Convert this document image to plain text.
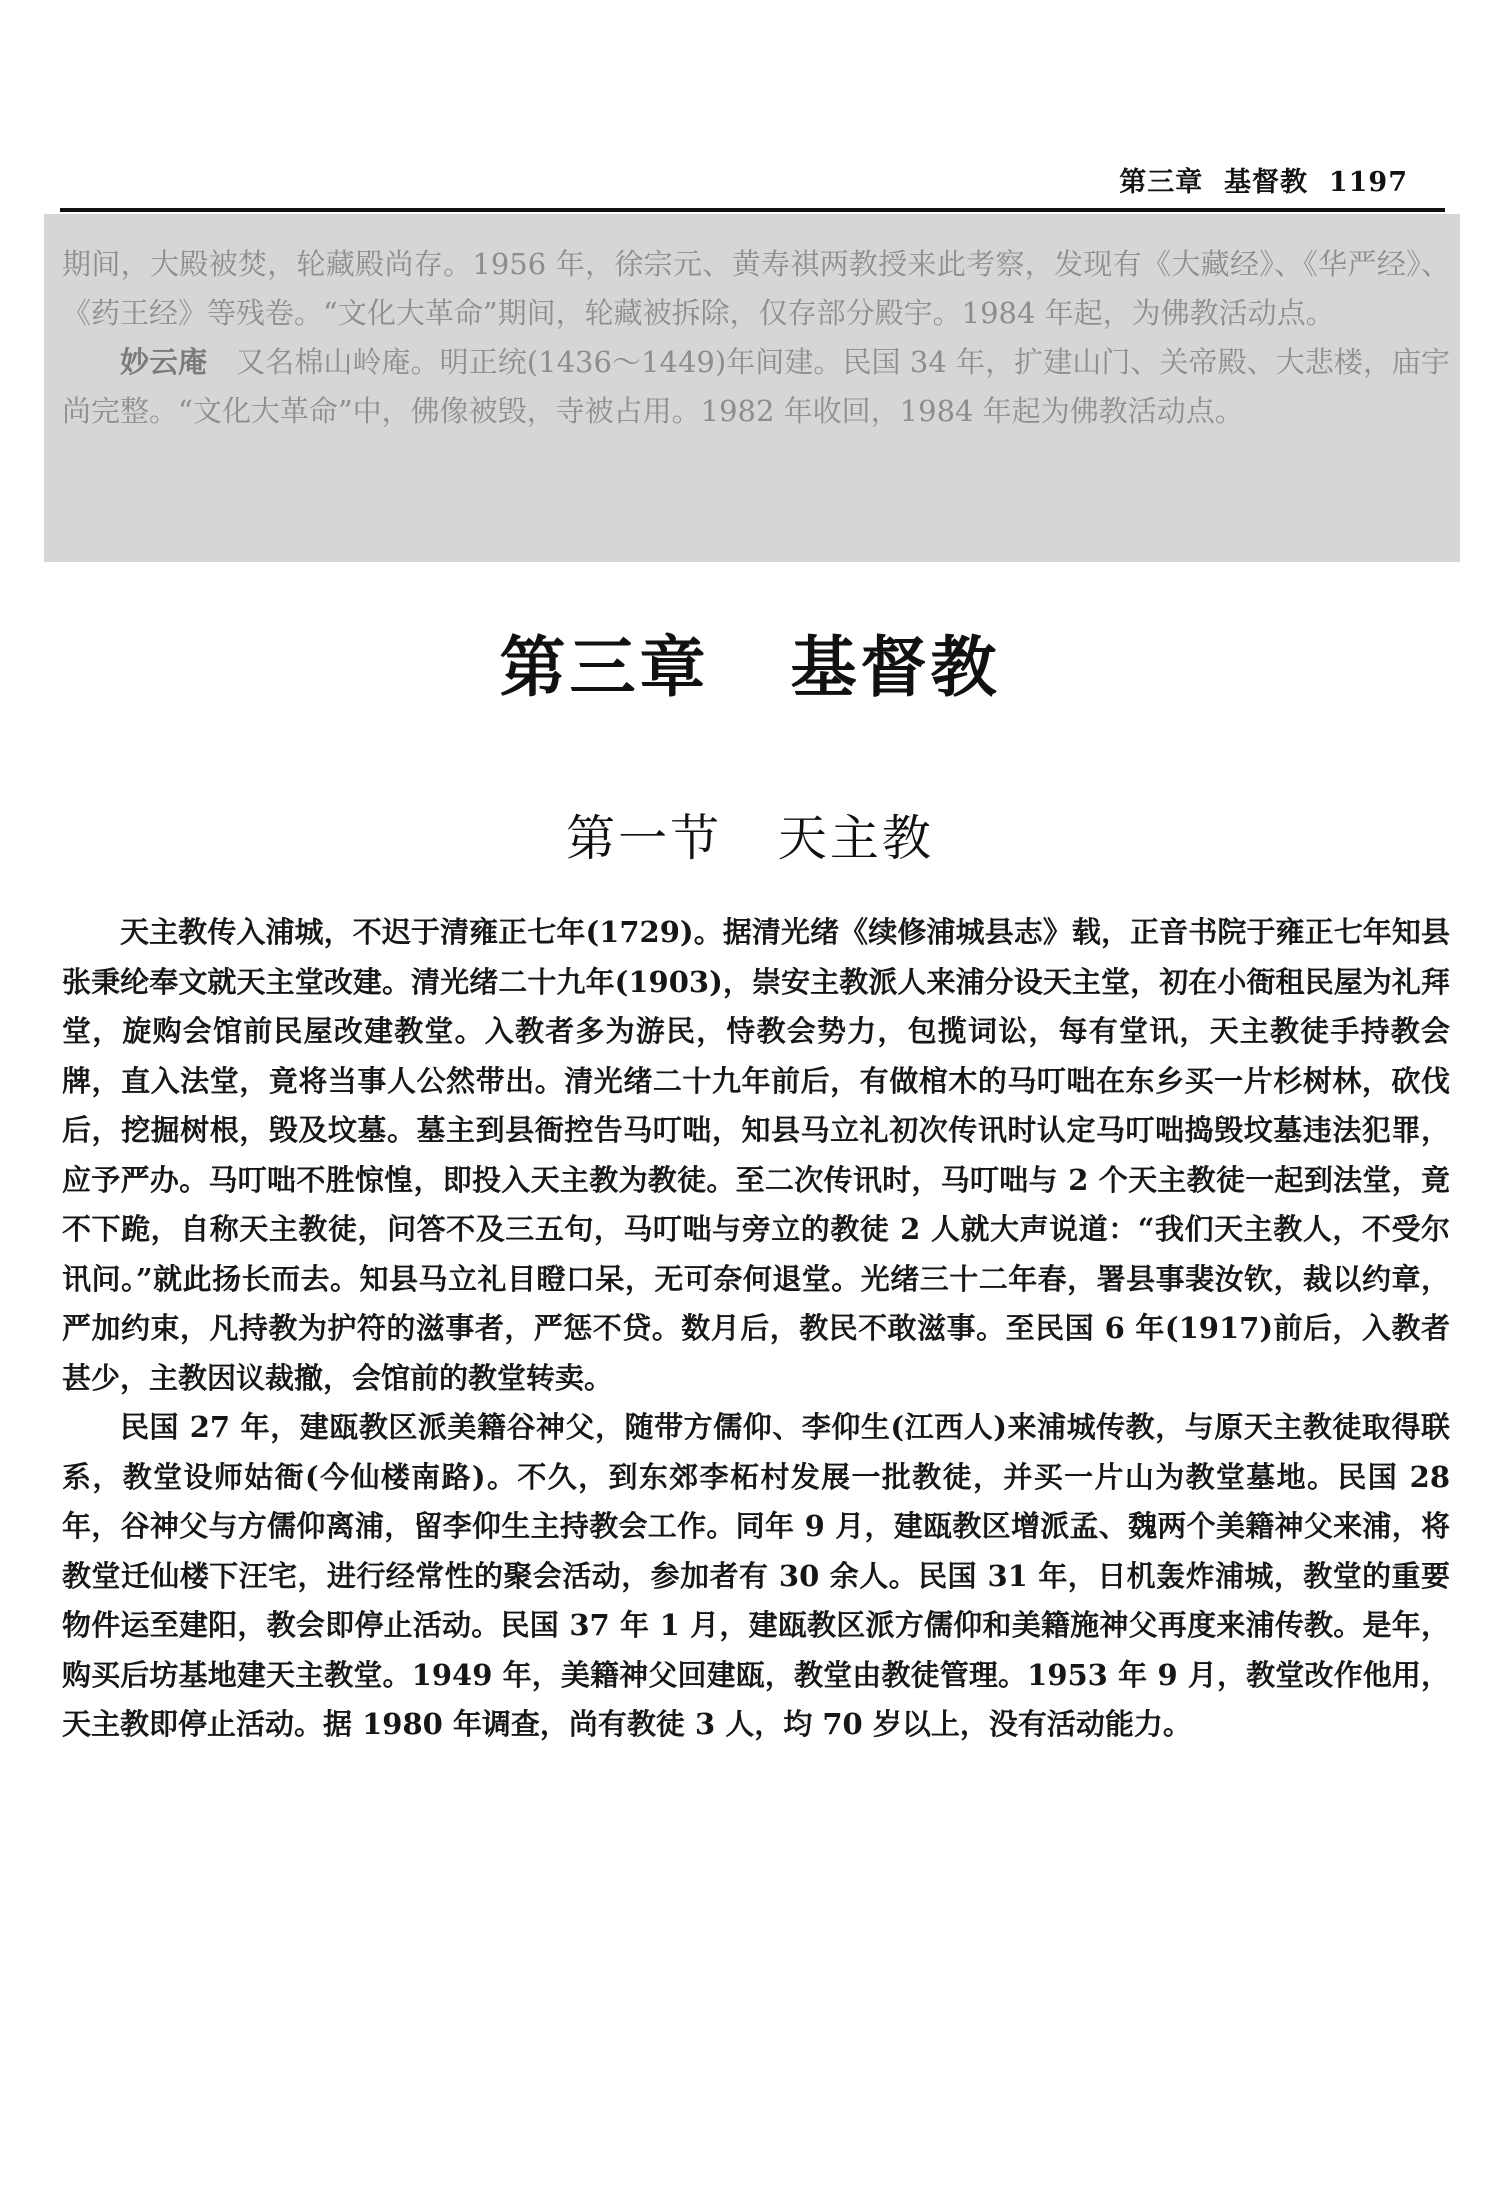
第三章 基督教 1197

期间，大殿被焚，轮藏殿尚存。1956 年，徐宗元、黄寿祺两教授来此考察，发现有《大藏经》、《华严经》、《药王经》等残卷。“文化大革命”期间，轮藏被拆除，仅存部分殿宇。1984 年起，为佛教活动点。

妙云庵　 又名棉山岭庵。明正统(1436～1449)年间建。民国 34 年，扩建山门、关帝殿、大悲楼，庙宇尚完整。“文化大革命”中，佛像被毁，寺被占用。1982 年收回，1984 年起为佛教活动点。

第三章 基督教
第一节 天主教

天主教传入浦城，不迟于清雍正七年(1729)。据清光绪《续修浦城县志》载，正音书院于雍正七年知县张秉纶奉文就天主堂改建。清光绪二十九年(1903)，崇安主教派人来浦分设天主堂，初在小衙租民屋为礼拜堂，旋购会馆前民屋改建教堂。入教者多为游民，恃教会势力，包揽词讼，每有堂讯，天主教徒手持教会牌，直入法堂，竟将当事人公然带出。清光绪二十九年前后，有做棺木的马叮咄在东乡买一片杉树林，砍伐后，挖掘树根，毁及坟墓。墓主到县衙控告马叮咄，知县马立礼初次传讯时认定马叮咄捣毁坟墓违法犯罪，应予严办。马叮咄不胜惊惶，即投入天主教为教徒。至二次传讯时，马叮咄与 2 个天主教徒一起到法堂，竟不下跪，自称天主教徒，问答不及三五句，马叮咄与旁立的教徒 2 人就大声说道：“我们天主教人，不受尔讯问。”就此扬长而去。知县马立礼目瞪口呆，无可奈何退堂。光绪三十二年春，署县事裴汝钦，裁以约章，严加约束，凡持教为护符的滋事者，严惩不贷。数月后，教民不敢滋事。至民国 6 年(1917)前后，入教者甚少，主教因议裁撤，会馆前的教堂转卖。

民国 27 年，建瓯教区派美籍谷神父，随带方儒仰、李仰生(江西人)来浦城传教，与原天主教徒取得联系，教堂设师姑衙(今仙楼南路)。不久，到东郊李柘村发展一批教徒，并买一片山为教堂墓地。民国 28 年，谷神父与方儒仰离浦，留李仰生主持教会工作。同年 9 月，建瓯教区增派孟、魏两个美籍神父来浦，将教堂迁仙楼下汪宅，进行经常性的聚会活动，参加者有 30 余人。民国 31 年，日机轰炸浦城，教堂的重要物件运至建阳，教会即停止活动。民国 37 年 1 月，建瓯教区派方儒仰和美籍施神父再度来浦传教。是年，购买后坊基地建天主教堂。1949 年，美籍神父回建瓯，教堂由教徒管理。1953 年 9 月，教堂改作他用，天主教即停止活动。据 1980 年调查，尚有教徒 3 人，均 70 岁以上，没有活动能力。
